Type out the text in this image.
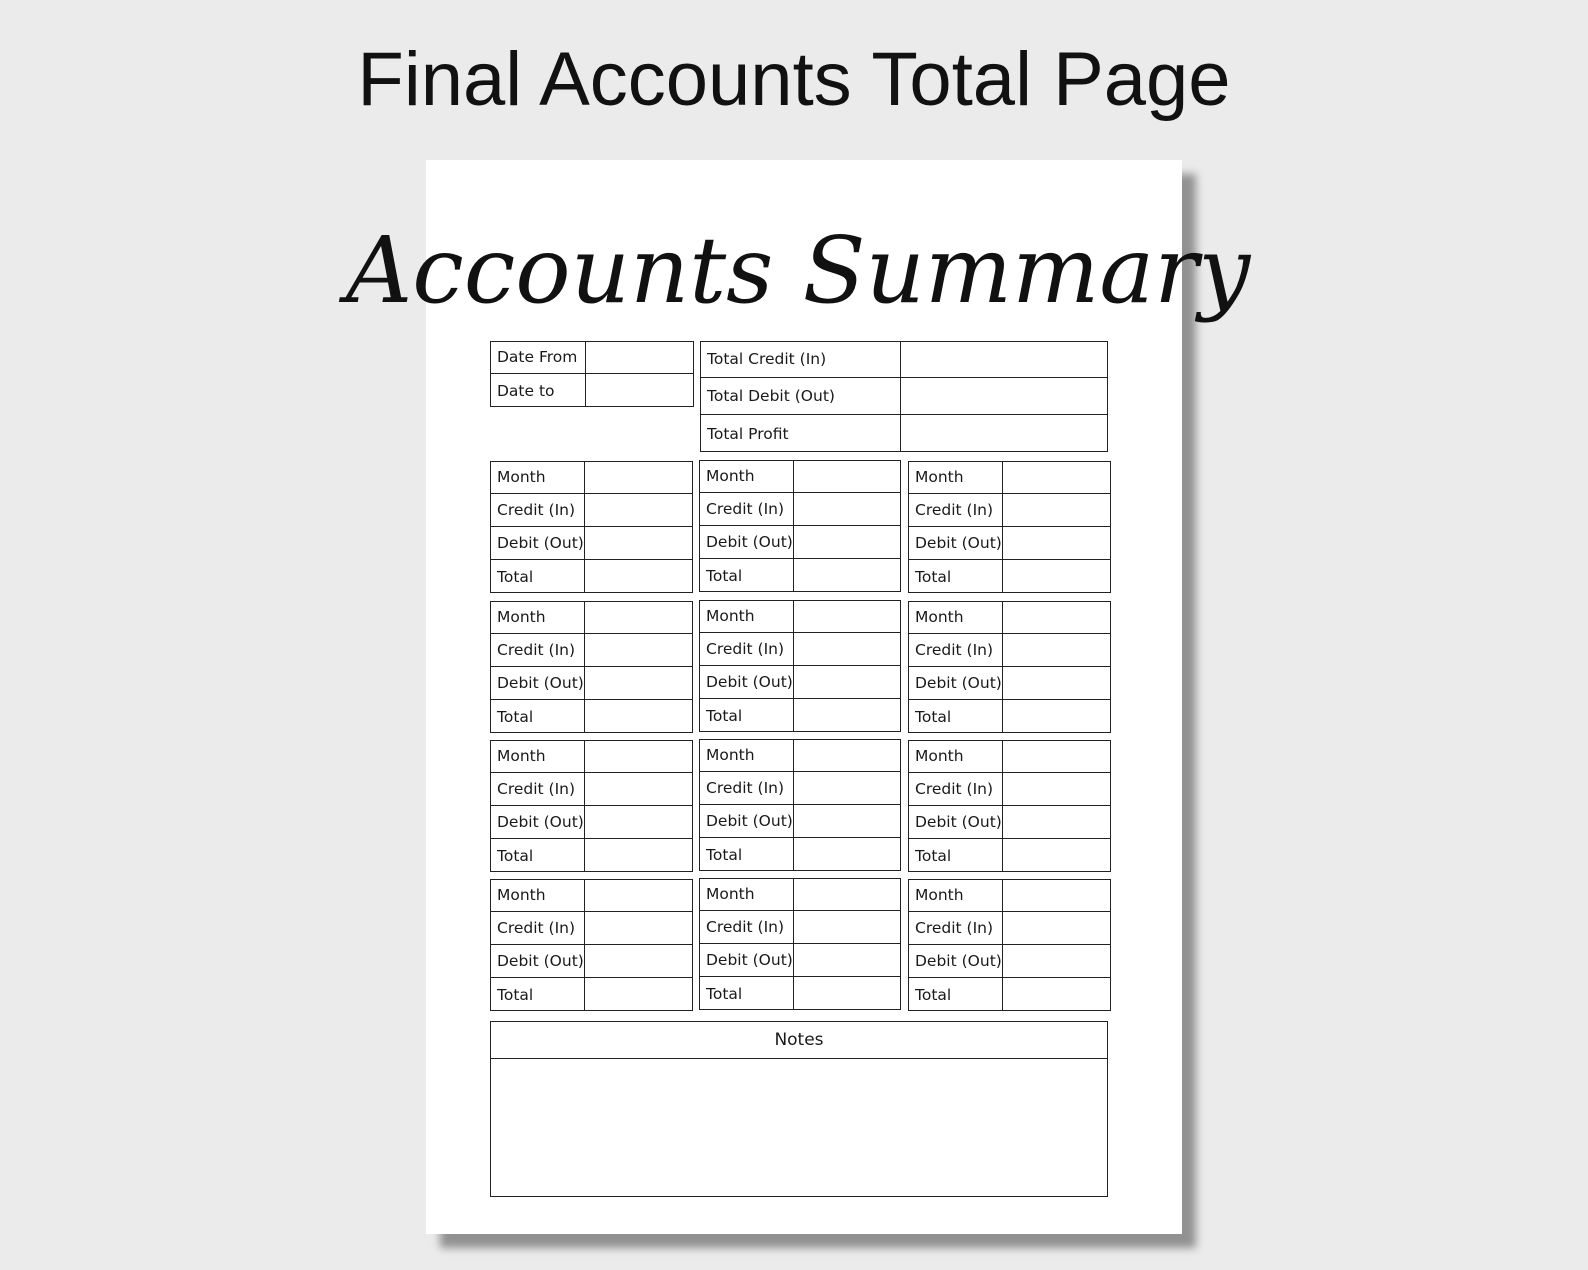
Final Accounts Total Page
Accounts Summary
Date From
Date to
Total Credit (In)
Total Debit (Out)
Total Profit
Month
Credit (In)
Debit (Out)
Total
Month
Credit (In)
Debit (Out)
Total
Month
Credit (In)
Debit (Out)
Total
Month
Credit (In)
Debit (Out)
Total
Month
Credit (In)
Debit (Out)
Total
Month
Credit (In)
Debit (Out)
Total
Month
Credit (In)
Debit (Out)
Total
Month
Credit (In)
Debit (Out)
Total
Month
Credit (In)
Debit (Out)
Total
Month
Credit (In)
Debit (Out)
Total
Month
Credit (In)
Debit (Out)
Total
Month
Credit (In)
Debit (Out)
Total
Notes
